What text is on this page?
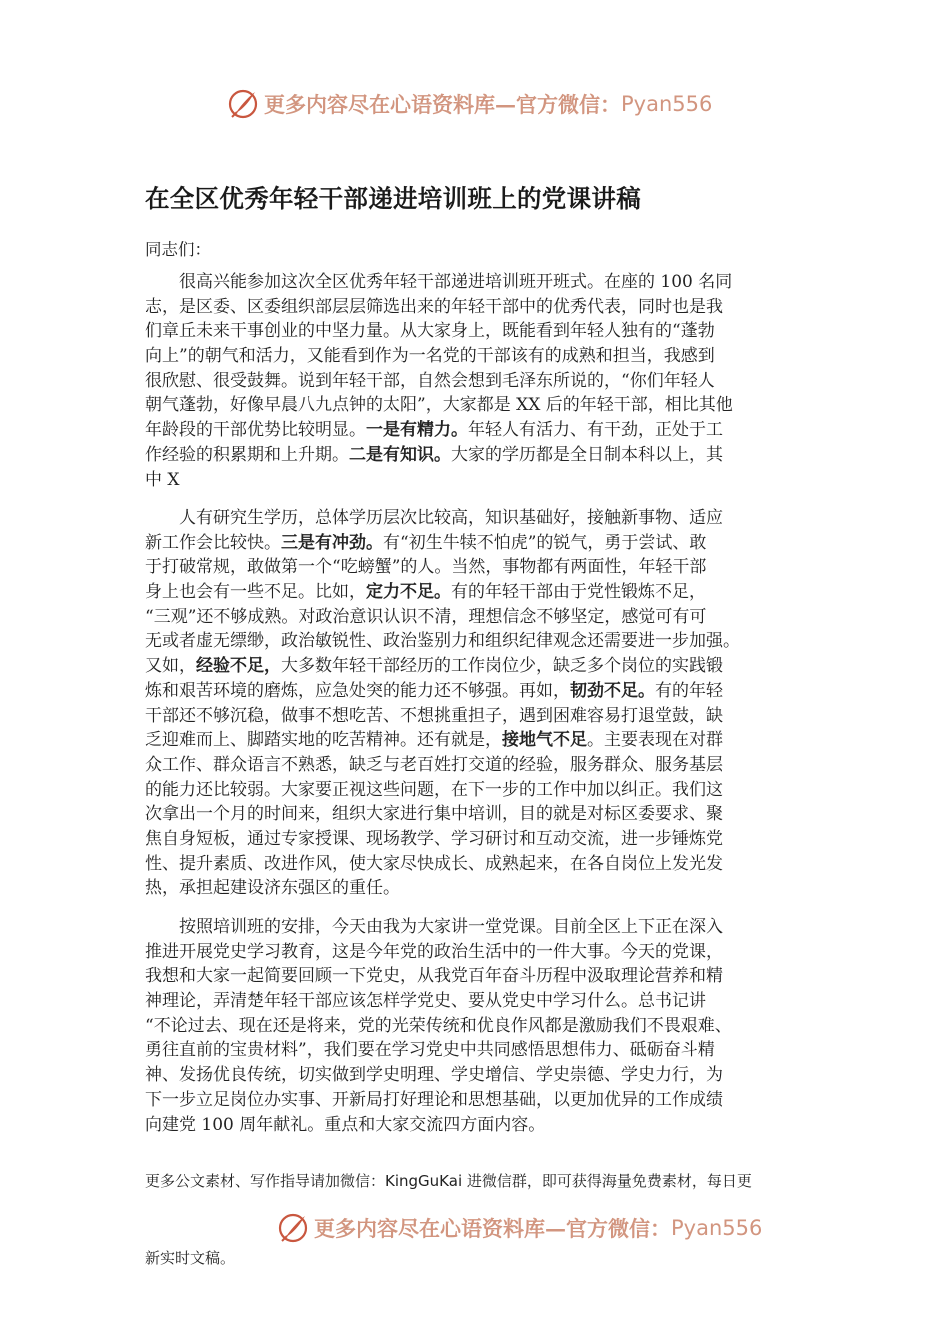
更多内容尽在心语资料库—官方微信： Pyan556
在全区优秀年轻干部递进培训班上的党课讲稿
同志们：
　　很高兴能参加这次全区优秀年轻干部递进培训班开班式。在座的 100 名同
志，是区委、区委组织部层层筛选出来的年轻干部中的优秀代表，同时也是我
们章丘未来干事创业的中坚力量。从大家身上，既能看到年轻人独有的“蓬勃
向上”的朝气和活力，又能看到作为一名党的干部该有的成熟和担当，我感到
很欣慰、很受鼓舞。说到年轻干部，自然会想到毛泽东所说的，“你们年轻人
朝气蓬勃，好像早晨八九点钟的太阳”，大家都是 XX 后的年轻干部，相比其他
年龄段的干部优势比较明显。一是有精力。年轻人有活力、有干劲，正处于工
作经验的积累期和上升期。二是有知识。大家的学历都是全日制本科以上，其
中 X
　　人有研究生学历，总体学历层次比较高，知识基础好，接触新事物、适应
新工作会比较快。三是有冲劲。有“初生牛犊不怕虎”的锐气，勇于尝试、敢
于打破常规，敢做第一个“吃螃蟹”的人。当然，事物都有两面性，年轻干部
身上也会有一些不足。比如，定力不足。有的年轻干部由于党性锻炼不足，
“三观”还不够成熟。对政治意识认识不清，理想信念不够坚定，感觉可有可
无或者虚无缥缈，政治敏锐性、政治鉴别力和组织纪律观念还需要进一步加强。
又如，经验不足，大多数年轻干部经历的工作岗位少，缺乏多个岗位的实践锻
炼和艰苦环境的磨炼，应急处突的能力还不够强。再如，韧劲不足。有的年轻
干部还不够沉稳，做事不想吃苦、不想挑重担子，遇到困难容易打退堂鼓，缺
乏迎难而上、脚踏实地的吃苦精神。还有就是，接地气不足。主要表现在对群
众工作、群众语言不熟悉，缺乏与老百姓打交道的经验，服务群众、服务基层
的能力还比较弱。大家要正视这些问题，在下一步的工作中加以纠正。我们这
次拿出一个月的时间来，组织大家进行集中培训，目的就是对标区委要求、聚
焦自身短板，通过专家授课、现场教学、学习研讨和互动交流，进一步锤炼党
性、提升素质、改进作风，使大家尽快成长、成熟起来，在各自岗位上发光发
热，承担起建设济东强区的重任。
　　按照培训班的安排，今天由我为大家讲一堂党课。目前全区上下正在深入
推进开展党史学习教育，这是今年党的政治生活中的一件大事。今天的党课，
我想和大家一起简要回顾一下党史，从我党百年奋斗历程中汲取理论营养和精
神理论，弄清楚年轻干部应该怎样学党史、要从党史中学习什么。总书记讲
“不论过去、现在还是将来，党的光荣传统和优良作风都是激励我们不畏艰难、
勇往直前的宝贵材料”，我们要在学习党史中共同感悟思想伟力、砥砺奋斗精
神、发扬优良传统，切实做到学史明理、学史增信、学史崇德、学史力行，为
下一步立足岗位办实事、开新局打好理论和思想基础，以更加优异的工作成绩
向建党 100 周年献礼。重点和大家交流四方面内容。
更多公文素材、写作指导请加微信：KingGuKai 进微信群，即可获得海量免费素材，每日更
更多内容尽在心语资料库—官方微信： Pyan556
新实时文稿。
